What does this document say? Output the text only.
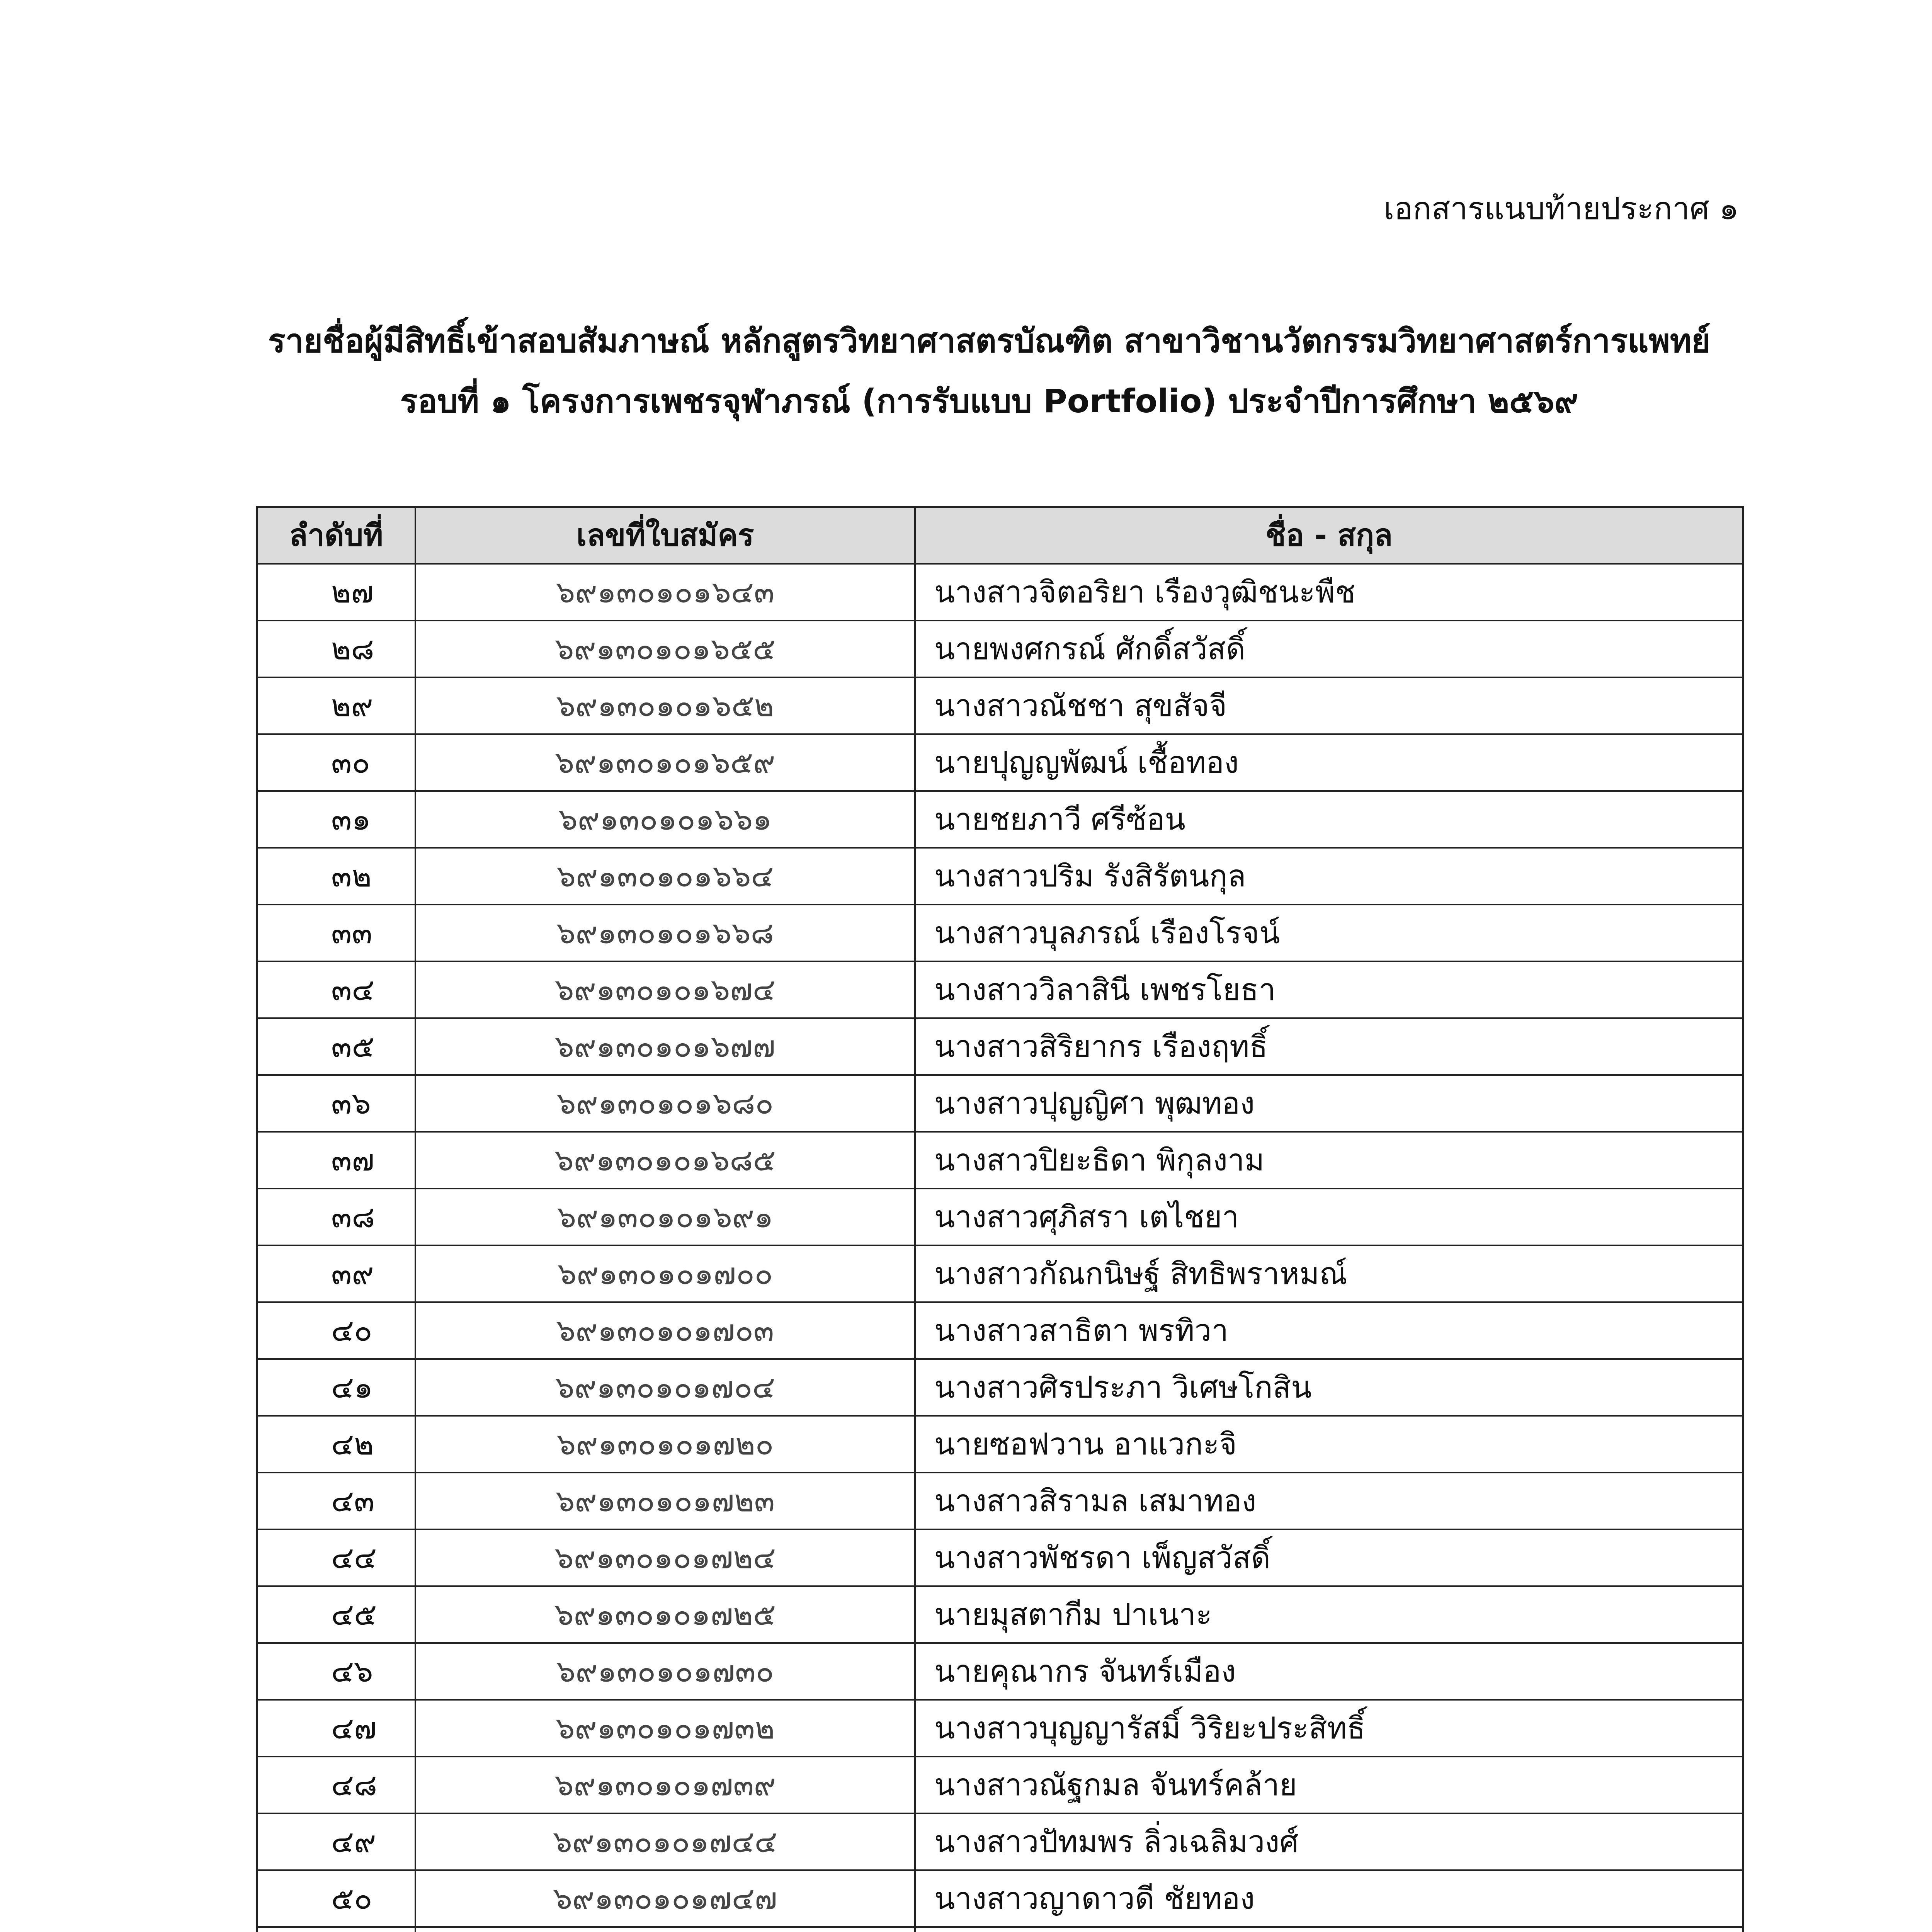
เอกสารแนบท้ายประกาศ ๑
รายชื่อผู้มีสิทธิ์เข้าสอบสัมภาษณ์ หลักสูตรวิทยาศาสตรบัณฑิต สาขาวิชานวัตกรรมวิทยาศาสตร์การแพทย์
รอบที่ ๑ โครงการเพชรจุฬาภรณ์ (การรับแบบ Portfolio) ประจำปีการศึกษา ๒๕๖๙
ลำดับที่	เลขที่ใบสมัคร	ชื่อ - สกุล
๒๗	๖๙๑๓๐๑๐๑๖๔๓	นางสาวจิตอริยา เรืองวุฒิชนะพืช
๒๘	๖๙๑๓๐๑๐๑๖๕๕	นายพงศกรณ์ ศักดิ์สวัสดิ์
๒๙	๖๙๑๓๐๑๐๑๖๕๒	นางสาวณัชชา สุขสัจจี
๓๐	๖๙๑๓๐๑๐๑๖๕๙	นายปุญญพัฒน์ เชื้อทอง
๓๑	๖๙๑๓๐๑๐๑๖๖๑	นายชยภาวี ศรีซ้อน
๓๒	๖๙๑๓๐๑๐๑๖๖๔	นางสาวปริม รังสิรัตนกุล
๓๓	๖๙๑๓๐๑๐๑๖๖๘	นางสาวบุลภรณ์ เรืองโรจน์
๓๔	๖๙๑๓๐๑๐๑๖๗๔	นางสาววิลาสินี เพชรโยธา
๓๕	๖๙๑๓๐๑๐๑๖๗๗	นางสาวสิริยากร เรืองฤทธิ์
๓๖	๖๙๑๓๐๑๐๑๖๘๐	นางสาวปุญญิศา พุฒทอง
๓๗	๖๙๑๓๐๑๐๑๖๘๕	นางสาวปิยะธิดา พิกุลงาม
๓๘	๖๙๑๓๐๑๐๑๖๙๑	นางสาวศุภิสรา เตไชยา
๓๙	๖๙๑๓๐๑๐๑๗๐๐	นางสาวกัณกนิษฐ์ สิทธิพราหมณ์
๔๐	๖๙๑๓๐๑๐๑๗๐๓	นางสาวสาธิตา พรทิวา
๔๑	๖๙๑๓๐๑๐๑๗๐๔	นางสาวศิรประภา วิเศษโกสิน
๔๒	๖๙๑๓๐๑๐๑๗๒๐	นายซอฟวาน อาแวกะจิ
๔๓	๖๙๑๓๐๑๐๑๗๒๓	นางสาวสิรามล เสมาทอง
๔๔	๖๙๑๓๐๑๐๑๗๒๔	นางสาวพัชรดา เพ็ญสวัสดิ์
๔๕	๖๙๑๓๐๑๐๑๗๒๕	นายมุสตากีม ปาเนาะ
๔๖	๖๙๑๓๐๑๐๑๗๓๐	นายคุณากร จันทร์เมือง
๔๗	๖๙๑๓๐๑๐๑๗๓๒	นางสาวบุญญารัสมิ์ วิริยะประสิทธิ์
๔๘	๖๙๑๓๐๑๐๑๗๓๙	นางสาวณัฐกมล จันทร์คล้าย
๔๙	๖๙๑๓๐๑๐๑๗๔๔	นางสาวปัทมพร ลิ่วเฉลิมวงศ์
๕๐	๖๙๑๓๐๑๐๑๗๔๗	นางสาวญาดาวดี ชัยทอง
